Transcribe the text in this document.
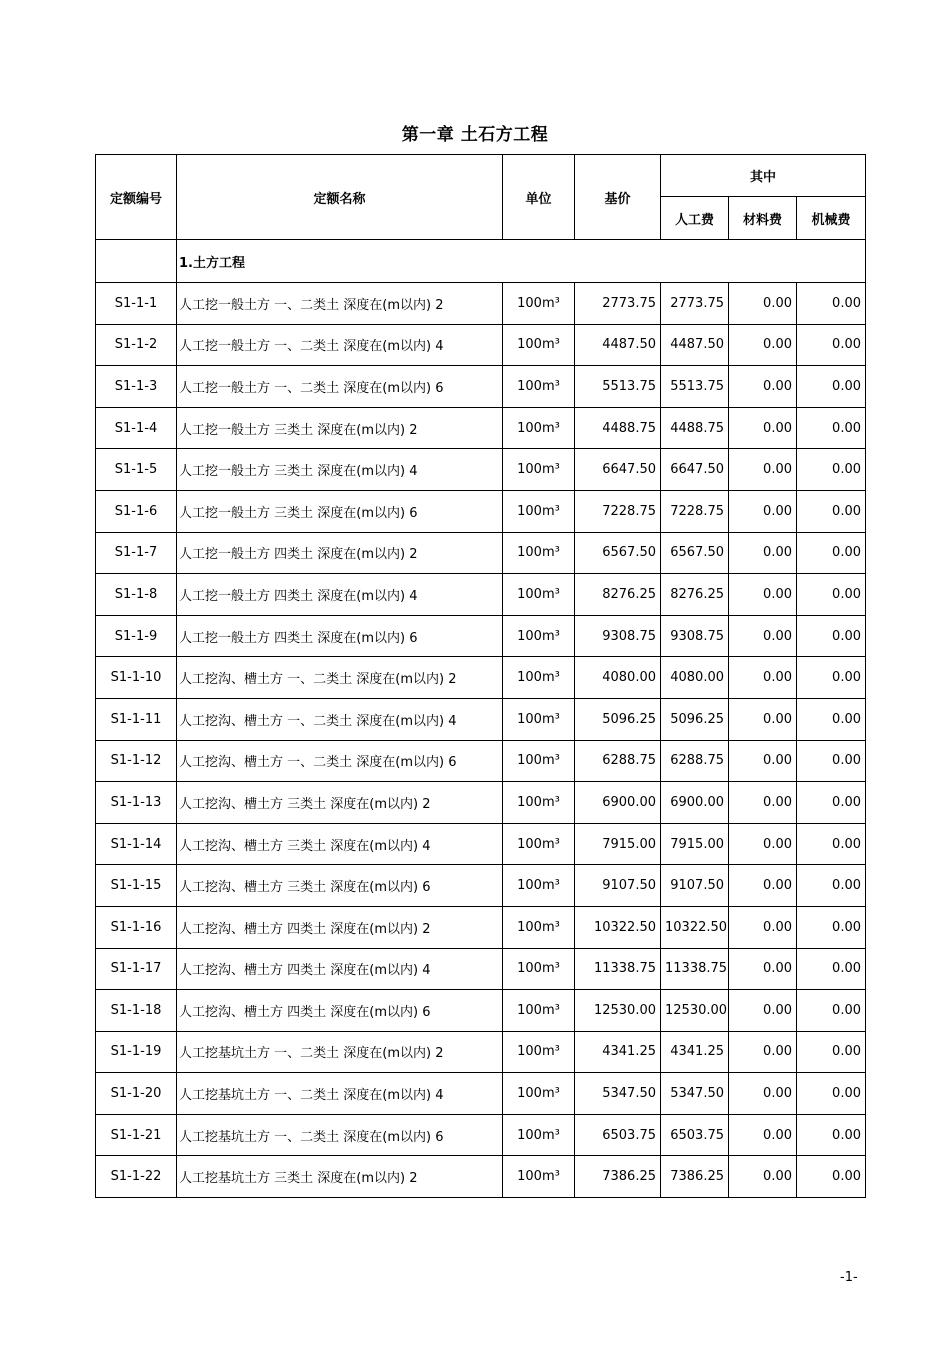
第一章 土石方工程
定额编号	定额名称	单位	基价	其中		
				人工费	材料费	机械费
	1.土方工程					
S1-1-1	人工挖一般土方 一、二类土 深度在(m以内) 2	100m³	2773.75	2773.75	0.00	0.00
S1-1-2	人工挖一般土方 一、二类土 深度在(m以内) 4	100m³	4487.50	4487.50	0.00	0.00
S1-1-3	人工挖一般土方 一、二类土 深度在(m以内) 6	100m³	5513.75	5513.75	0.00	0.00
S1-1-4	人工挖一般土方 三类土 深度在(m以内) 2	100m³	4488.75	4488.75	0.00	0.00
S1-1-5	人工挖一般土方 三类土 深度在(m以内) 4	100m³	6647.50	6647.50	0.00	0.00
S1-1-6	人工挖一般土方 三类土 深度在(m以内) 6	100m³	7228.75	7228.75	0.00	0.00
S1-1-7	人工挖一般土方 四类土 深度在(m以内) 2	100m³	6567.50	6567.50	0.00	0.00
S1-1-8	人工挖一般土方 四类土 深度在(m以内) 4	100m³	8276.25	8276.25	0.00	0.00
S1-1-9	人工挖一般土方 四类土 深度在(m以内) 6	100m³	9308.75	9308.75	0.00	0.00
S1-1-10	人工挖沟、槽土方 一、二类土 深度在(m以内) 2	100m³	4080.00	4080.00	0.00	0.00
S1-1-11	人工挖沟、槽土方 一、二类土 深度在(m以内) 4	100m³	5096.25	5096.25	0.00	0.00
S1-1-12	人工挖沟、槽土方 一、二类土 深度在(m以内) 6	100m³	6288.75	6288.75	0.00	0.00
S1-1-13	人工挖沟、槽土方 三类土 深度在(m以内) 2	100m³	6900.00	6900.00	0.00	0.00
S1-1-14	人工挖沟、槽土方 三类土 深度在(m以内) 4	100m³	7915.00	7915.00	0.00	0.00
S1-1-15	人工挖沟、槽土方 三类土 深度在(m以内) 6	100m³	9107.50	9107.50	0.00	0.00
S1-1-16	人工挖沟、槽土方 四类土 深度在(m以内) 2	100m³	10322.50	10322.50	0.00	0.00
S1-1-17	人工挖沟、槽土方 四类土 深度在(m以内) 4	100m³	11338.75	11338.75	0.00	0.00
S1-1-18	人工挖沟、槽土方 四类土 深度在(m以内) 6	100m³	12530.00	12530.00	0.00	0.00
S1-1-19	人工挖基坑土方 一、二类土 深度在(m以内) 2	100m³	4341.25	4341.25	0.00	0.00
S1-1-20	人工挖基坑土方 一、二类土 深度在(m以内) 4	100m³	5347.50	5347.50	0.00	0.00
S1-1-21	人工挖基坑土方 一、二类土 深度在(m以内) 6	100m³	6503.75	6503.75	0.00	0.00
S1-1-22	人工挖基坑土方 三类土 深度在(m以内) 2	100m³	7386.25	7386.25	0.00	0.00
-1-
